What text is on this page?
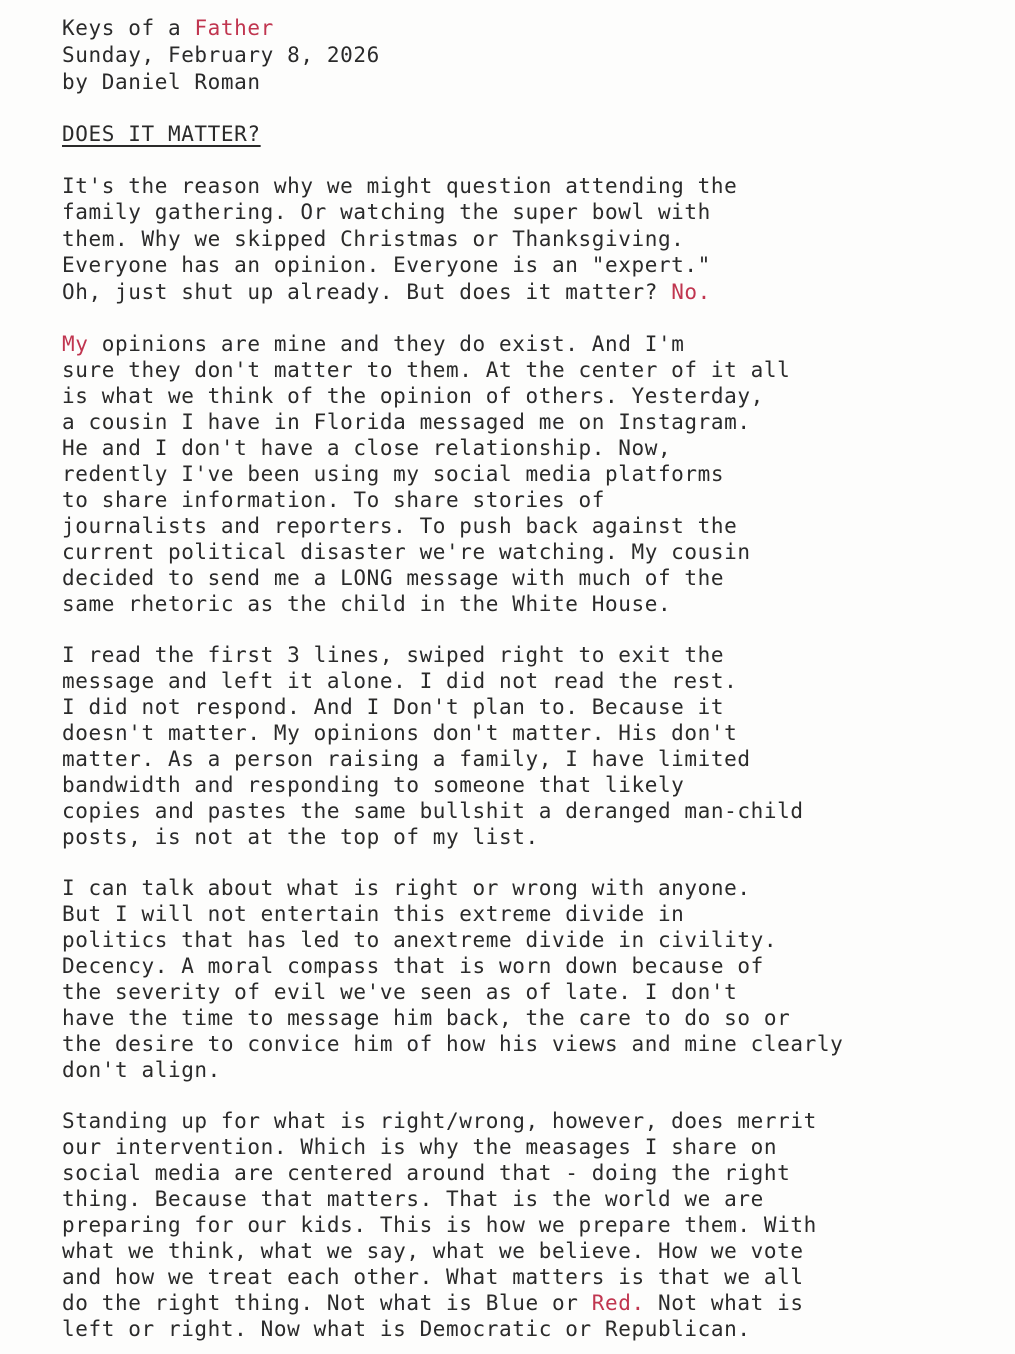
Keys of a Father
Sunday, February 8, 2026
by Daniel Roman
DOES IT MATTER?
It's the reason why we might question attending the
family gathering. Or watching the super bowl with
them. Why we skipped Christmas or Thanksgiving.
Everyone has an opinion. Everyone is an "expert."
Oh, just shut up already. But does it matter? No.
My opinions are mine and they do exist. And I'm
sure they don't matter to them. At the center of it all
is what we think of the opinion of others. Yesterday,
a cousin I have in Florida messaged me on Instagram.
He and I don't have a close relationship. Now,
redently I've been using my social media platforms
to share information. To share stories of
journalists and reporters. To push back against the
current political disaster we're watching. My cousin
decided to send me a LONG message with much of the
same rhetoric as the child in the White House.
I read the first 3 lines, swiped right to exit the
message and left it alone. I did not read the rest.
I did not respond. And I Don't plan to. Because it
doesn't matter. My opinions don't matter. His don't
matter. As a person raising a family, I have limited
bandwidth and responding to someone that likely
copies and pastes the same bullshit a deranged man-child
posts, is not at the top of my list.
I can talk about what is right or wrong with anyone.
But I will not entertain this extreme divide in
politics that has led to anextreme divide in civility.
Decency. A moral compass that is worn down because of
the severity of evil we've seen as of late. I don't
have the time to message him back, the care to do so or
the desire to convice him of how his views and mine clearly
don't align.
Standing up for what is right/wrong, however, does merrit
our intervention. Which is why the measages I share on
social media are centered around that - doing the right
thing. Because that matters. That is the world we are
preparing for our kids. This is how we prepare them. With
what we think, what we say, what we believe. How we vote
and how we treat each other. What matters is that we all
do the right thing. Not what is Blue or Red. Not what is
left or right. Now what is Democratic or Republican.
